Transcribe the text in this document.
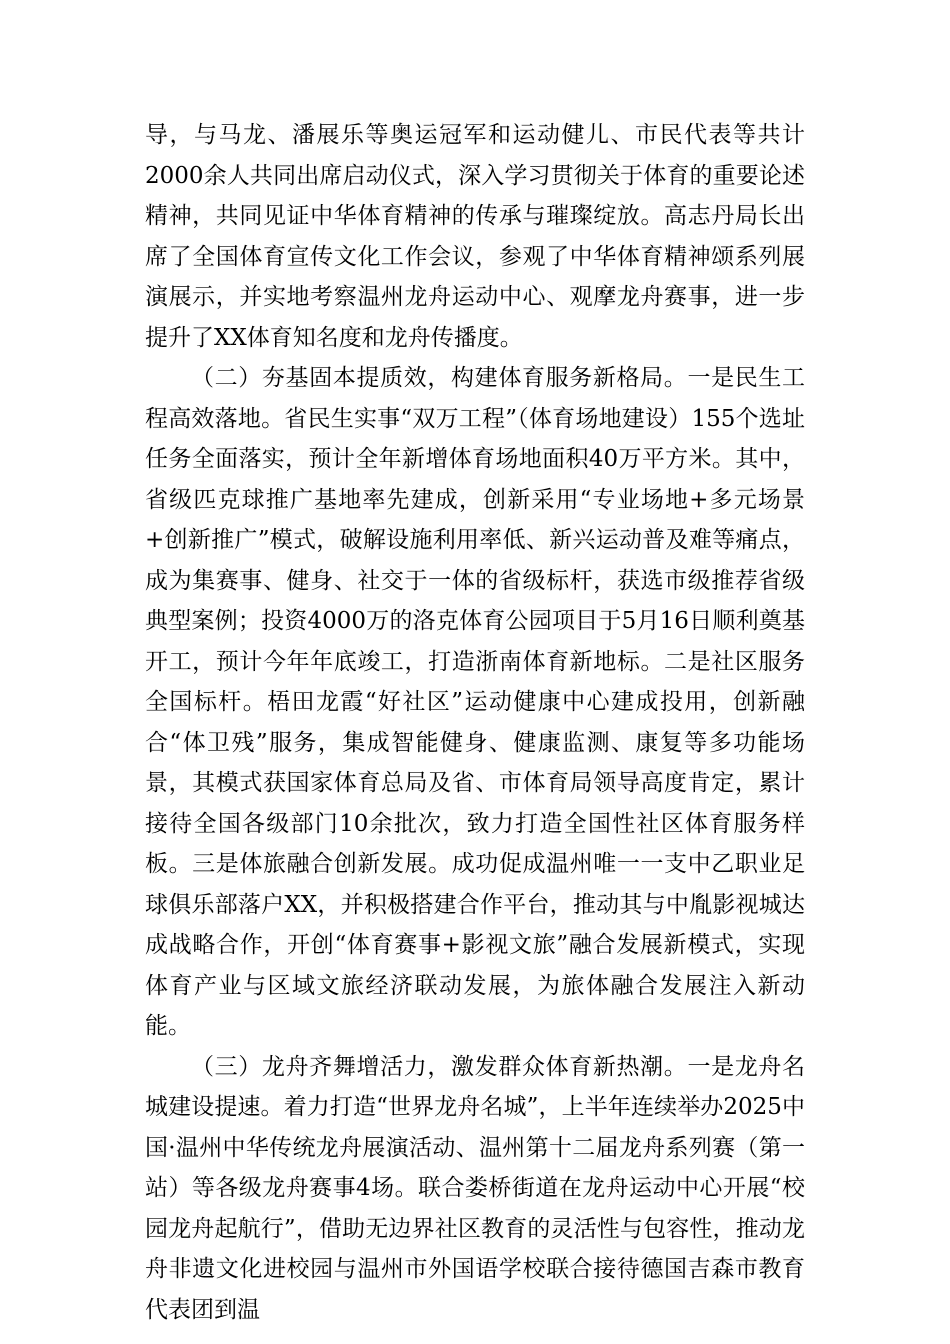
导，与马龙、潘展乐等奥运冠军和运动健儿、市民代表等共计2000余人共同出席启动仪式，深入学习贯彻关于体育的重要论述精神，共同见证中华体育精神的传承与璀璨绽放。高志丹局长出席了全国体育宣传文化工作会议，参观了中华体育精神颂系列展演展示，并实地考察温州龙舟运动中心、观摩龙舟赛事，进一步提升了XX体育知名度和龙舟传播度。

（二）夯基固本提质效，构建体育服务新格局。一是民生工程高效落地。省民生实事“双万工程”（体育场地建设）155个选址任务全面落实，预计全年新增体育场地面积40万平方米。其中，省级匹克球推广基地率先建成，创新采用“专业场地+多元场景+创新推广”模式，破解设施利用率低、新兴运动普及难等痛点，成为集赛事、健身、社交于一体的省级标杆，获选市级推荐省级典型案例；投资4000万的洛克体育公园项目于5月16日顺利奠基开工，预计今年年底竣工，打造浙南体育新地标。二是社区服务全国标杆。梧田龙霞“好社区”运动健康中心建成投用，创新融合“体卫残”服务，集成智能健身、健康监测、康复等多功能场景，其模式获国家体育总局及省、市体育局领导高度肯定，累计接待全国各级部门10余批次，致力打造全国性社区体育服务样板。三是体旅融合创新发展。成功促成温州唯一一支中乙职业足球俱乐部落户XX，并积极搭建合作平台，推动其与中胤影视城达成战略合作，开创“体育赛事+影视文旅”融合发展新模式，实现体育产业与区域文旅经济联动发展，为旅体融合发展注入新动能。

（三）龙舟齐舞增活力，激发群众体育新热潮。一是龙舟名城建设提速。着力打造“世界龙舟名城”，上半年连续举办2025中国·温州中华传统龙舟展演活动、温州第十二届龙舟系列赛（第一站）等各级龙舟赛事4场。联合娄桥街道在龙舟运动中心开展“校园龙舟起航行”，借助无边界社区教育的灵活性与包容性，推动龙舟非遗文化进校园与温州市外国语学校联合接待德国吉森市教育代表团到温
